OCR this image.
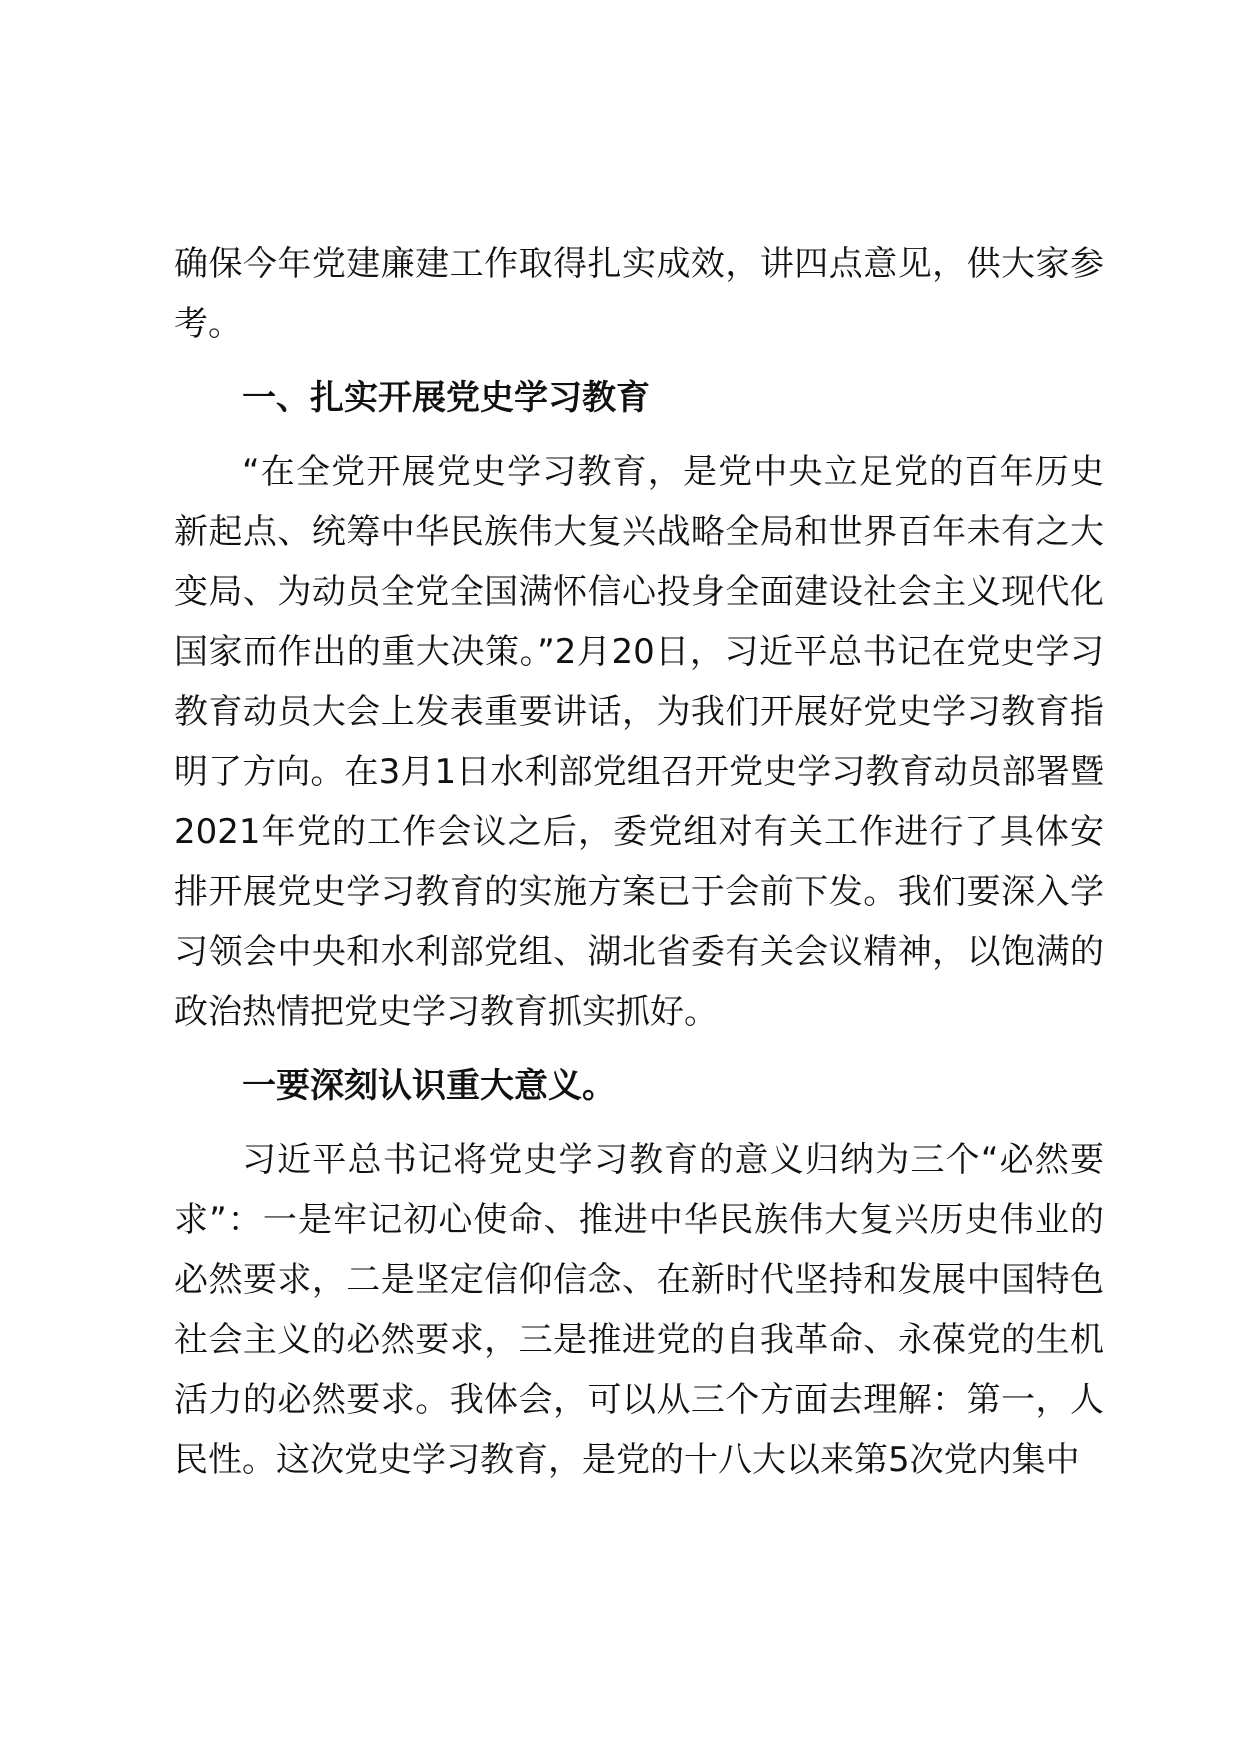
确保今年党建廉建工作取得扎实成效，讲四点意见，供大家参考。

一、扎实开展党史学习教育

“在全党开展党史学习教育，是党中央立足党的百年历史新起点、统筹中华民族伟大复兴战略全局和世界百年未有之大变局、为动员全党全国满怀信心投身全面建设社会主义现代化国家而作出的重大决策。”2月20日，习近平总书记在党史学习教育动员大会上发表重要讲话，为我们开展好党史学习教育指明了方向。在3月1日水利部党组召开党史学习教育动员部署暨2021年党的工作会议之后，委党组对有关工作进行了具体安排开展党史学习教育的实施方案已于会前下发。我们要深入学习领会中央和水利部党组、湖北省委有关会议精神，以饱满的政治热情把党史学习教育抓实抓好。

一要深刻认识重大意义。

习近平总书记将党史学习教育的意义归纳为三个“必然要求”：一是牢记初心使命、推进中华民族伟大复兴历史伟业的必然要求，二是坚定信仰信念、在新时代坚持和发展中国特色社会主义的必然要求，三是推进党的自我革命、永葆党的生机活力的必然要求。我体会，可以从三个方面去理解：第一，人民性。这次党史学习教育，是党的十八大以来第5次党内集中
